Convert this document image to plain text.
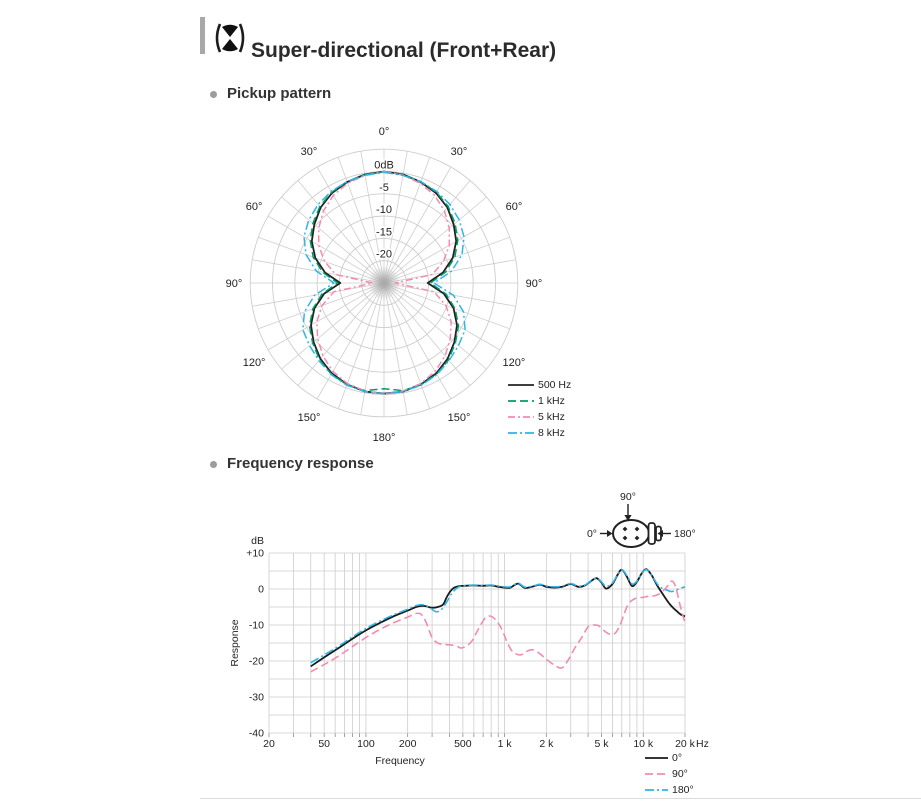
Super-directional (Front+Rear)
Pickup pattern
0°
30°
30°
60°
60°
90°
90°
120°
120°
150°
150°
180°
0dB
-5
-10
-15
-20
500 Hz
1 kHz
5 kHz
8 kHz
Frequency response
90°
0°	180°
dB
+10
0
-10
-20
-30
-40
20	50	100 200	500 1 k	2 k	5 k 10 k 20 k Hz
Frequency
Response
0°
90°
180°
